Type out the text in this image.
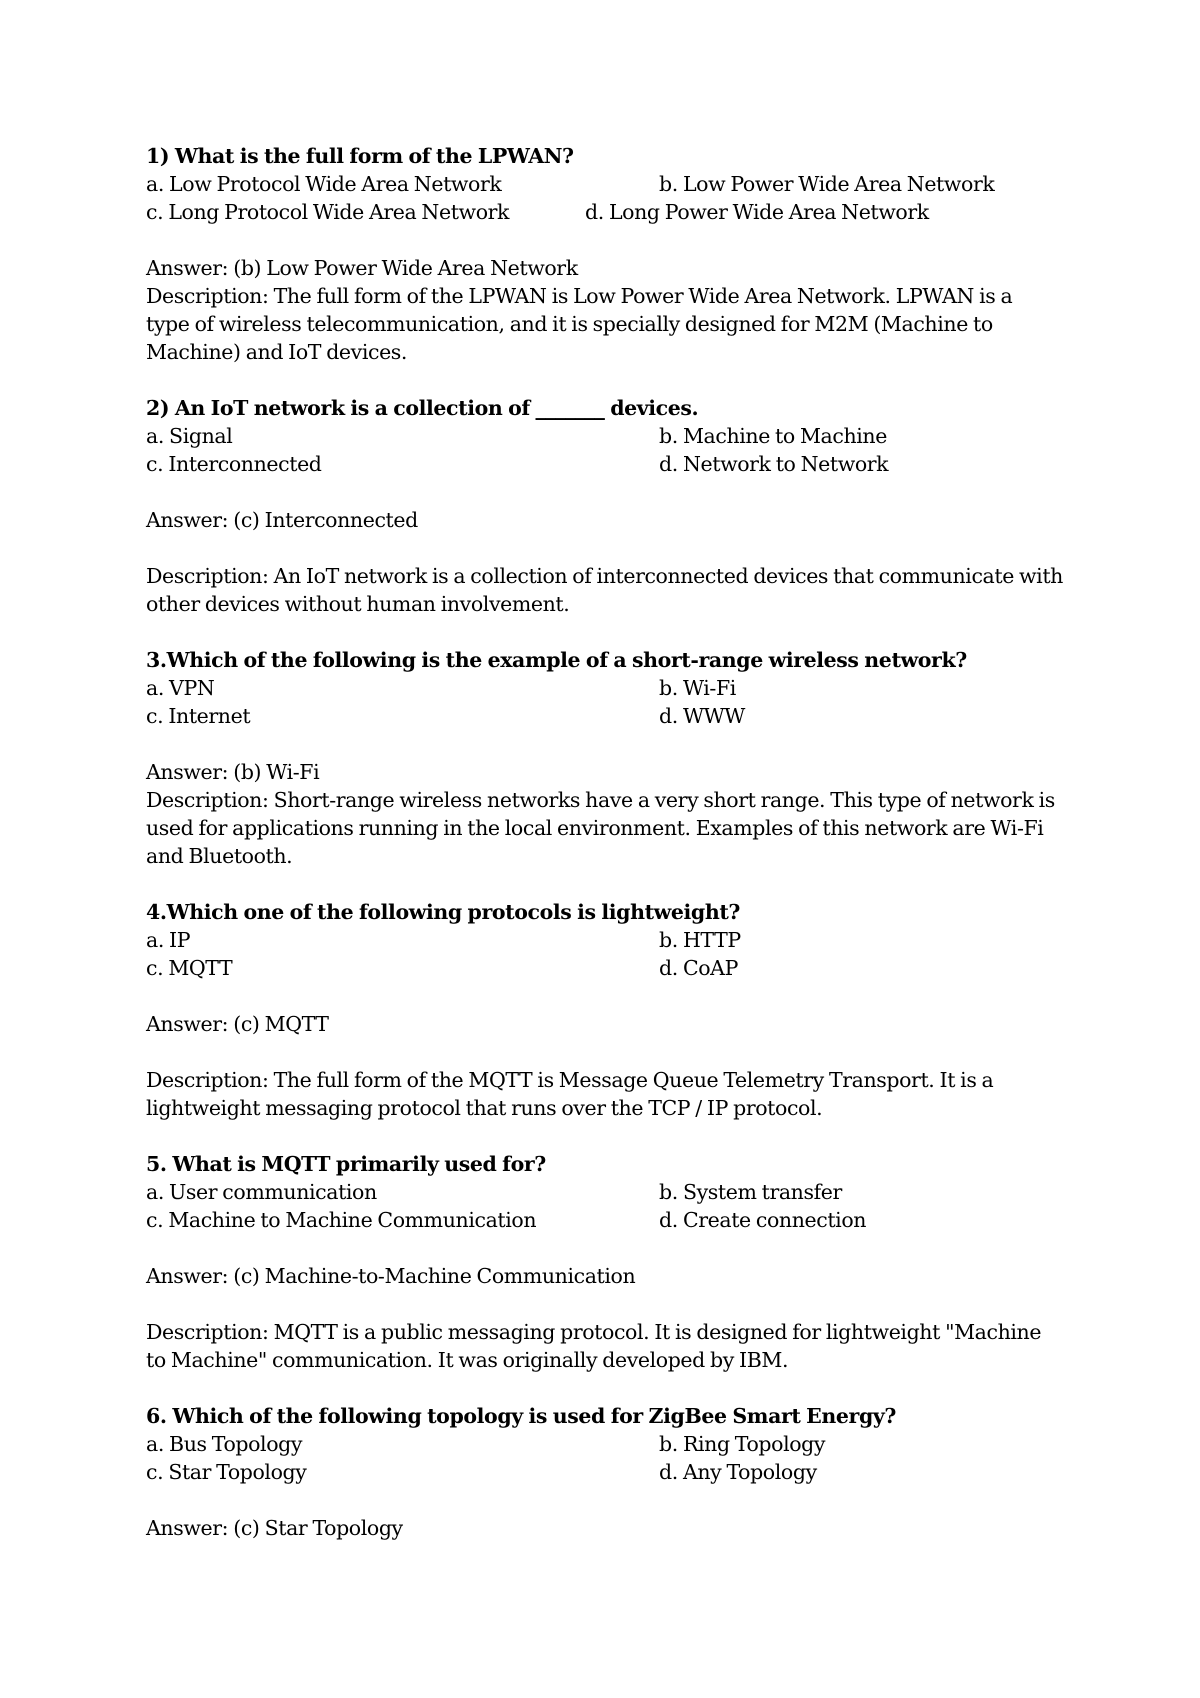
1) What is the full form of the LPWAN?
a. Low Protocol Wide Area Network	b. Low Power Wide Area Network
c. Long Protocol Wide Area Network	d. Long Power Wide Area Network
Answer: (b) Low Power Wide Area Network
Description: The full form of the LPWAN is Low Power Wide Area Network. LPWAN is a
type of wireless telecommunication, and it is specially designed for M2M (Machine to
Machine) and IoT devices.
2) An IoT network is a collection of _______ devices.
a. Signal	b. Machine to Machine
c. Interconnected	d. Network to Network
Answer: (c) Interconnected
Description: An IoT network is a collection of interconnected devices that communicate with
other devices without human involvement.
3.Which of the following is the example of a short-range wireless network?
a. VPN	b. Wi-Fi
c. Internet	d. WWW
Answer: (b) Wi-Fi
Description: Short-range wireless networks have a very short range. This type of network is
used for applications running in the local environment. Examples of this network are Wi-Fi
and Bluetooth.
4.Which one of the following protocols is lightweight?
a. IP	b. HTTP
c. MQTT	d. CoAP
Answer: (c) MQTT
Description: The full form of the MQTT is Message Queue Telemetry Transport. It is a
lightweight messaging protocol that runs over the TCP / IP protocol.
5. What is MQTT primarily used for?
a. User communication	b. System transfer
c. Machine to Machine Communication	d. Create connection
Answer: (c) Machine-to-Machine Communication
Description: MQTT is a public messaging protocol. It is designed for lightweight "Machine
to Machine" communication. It was originally developed by IBM.
6. Which of the following topology is used for ZigBee Smart Energy?
a. Bus Topology	b. Ring Topology
c. Star Topology	d. Any Topology
Answer: (c) Star Topology
